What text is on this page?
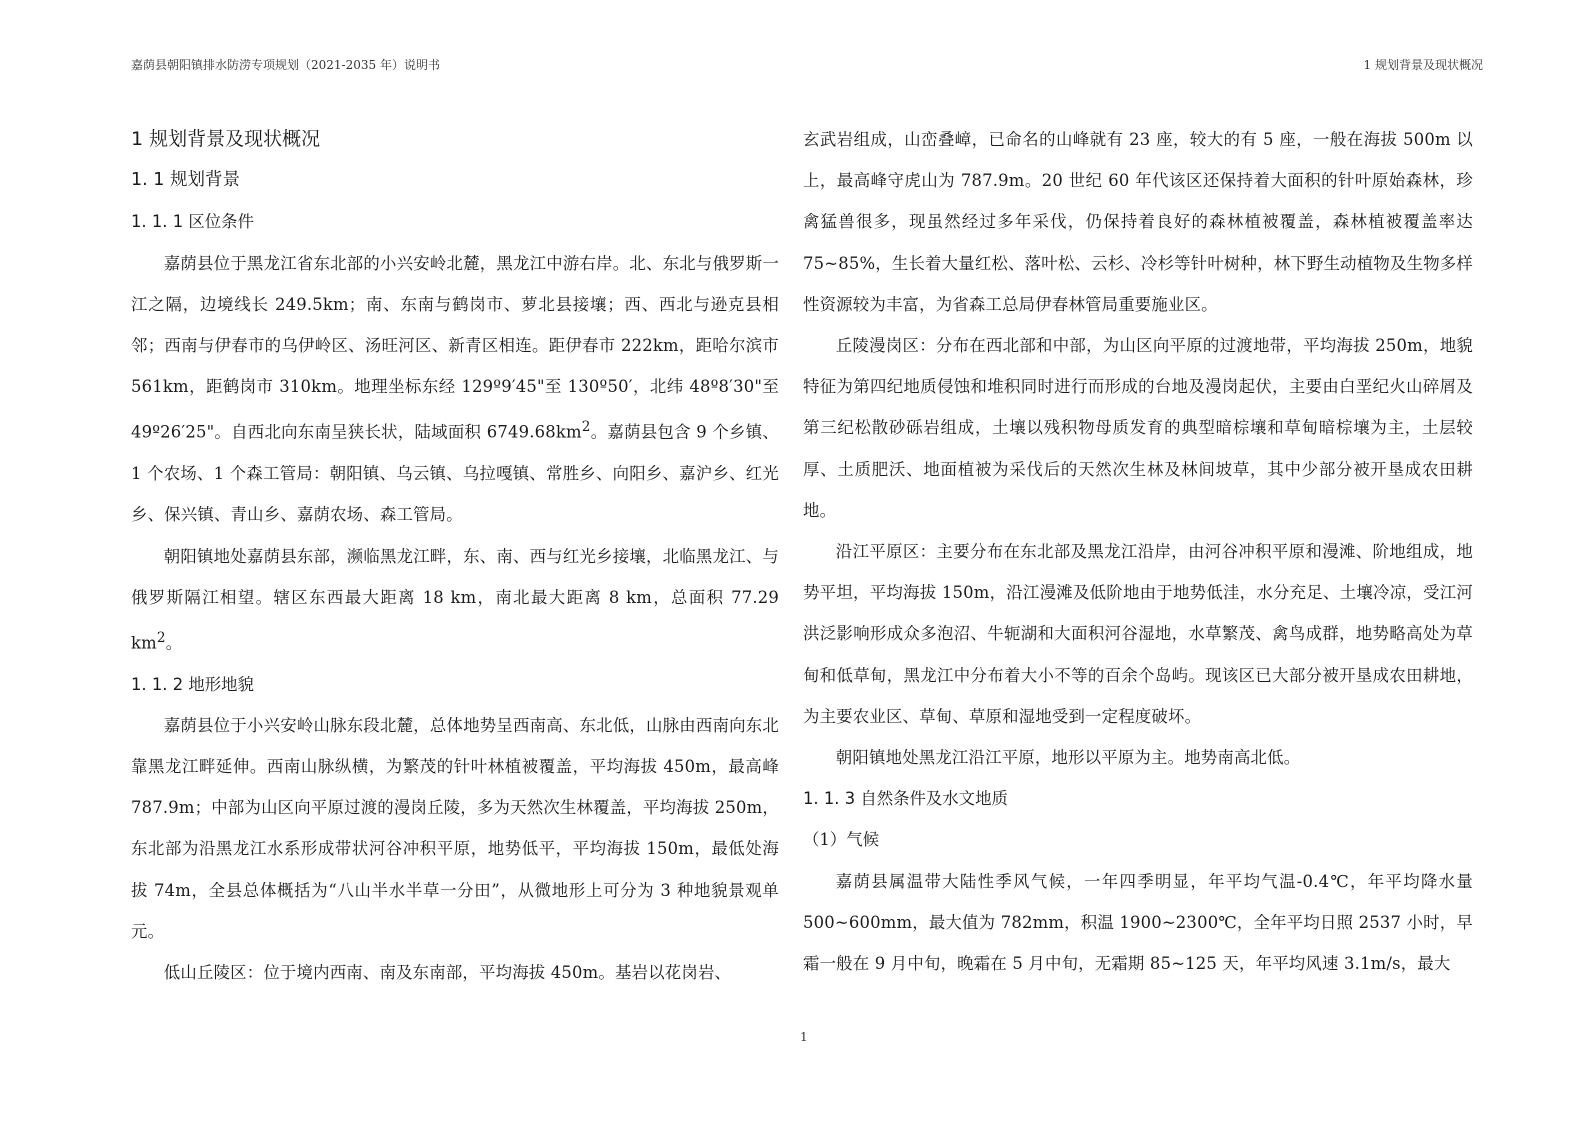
嘉荫县朝阳镇排水防涝专项规划（2021-2035 年）说明书	1 规划背景及现状概况
1 规划背景及现状概况
1. 1 规划背景
1. 1. 1 区位条件

嘉荫县位于黑龙江省东北部的小兴安岭北麓，黑龙江中游右岸。北、东北与俄罗斯一江之隔，边境线长 249.5km；南、东南与鹤岗市、萝北县接壤；西、西北与逊克县相邻；西南与伊春市的乌伊岭区、汤旺河区、新青区相连。距伊春市 222km，距哈尔滨市 561km，距鹤岗市 310km。地理坐标东经 129º9′45"至 130º50′，北纬 48º8′30"至 49º26′25"。自西北向东南呈狭长状，陆域面积 $6749.68km^2$。嘉荫县包含 9 个乡镇、1 个农场、1 个森工管局：朝阳镇、乌云镇、乌拉嘎镇、常胜乡、向阳乡、嘉沪乡、红光乡、保兴镇、青山乡、嘉荫农场、森工管局。

朝阳镇地处嘉荫县东部，濒临黑龙江畔，东、南、西与红光乡接壤，北临黑龙江、与俄罗斯隔江相望。辖区东西最大距离 18 km，南北最大距离 8 km，总面积 77.29 $km^2$。

1. 1. 2 地形地貌

嘉荫县位于小兴安岭山脉东段北麓，总体地势呈西南高、东北低，山脉由西南向东北靠黑龙江畔延伸。西南山脉纵横，为繁茂的针叶林植被覆盖，平均海拔 450m，最高峰 787.9m；中部为山区向平原过渡的漫岗丘陵，多为天然次生林覆盖，平均海拔 250m，东北部为沿黑龙江水系形成带状河谷冲积平原，地势低平，平均海拔 150m，最低处海拔 74m，全县总体概括为“八山半水半草一分田”，从微地形上可分为 3 种地貌景观单元。

低山丘陵区：位于境内西南、南及东南部，平均海拔 450m。基岩以花岗岩、

玄武岩组成，山峦叠嶂，已命名的山峰就有 23 座，较大的有 5 座，一般在海拔 500m 以上，最高峰守虎山为 787.9m。20 世纪 60 年代该区还保持着大面积的针叶原始森林，珍禽猛兽很多，现虽然经过多年采伐，仍保持着良好的森林植被覆盖，森林植被覆盖率达 75~85%，生长着大量红松、落叶松、云杉、冷杉等针叶树种，林下野生动植物及生物多样性资源较为丰富，为省森工总局伊春林管局重要施业区。

丘陵漫岗区：分布在西北部和中部，为山区向平原的过渡地带，平均海拔 250m，地貌特征为第四纪地质侵蚀和堆积同时进行而形成的台地及漫岗起伏，主要由白垩纪火山碎屑及第三纪松散砂砾岩组成，土壤以残积物母质发育的典型暗棕壤和草甸暗棕壤为主，土层较厚、土质肥沃、地面植被为采伐后的天然次生林及林间坡草，其中少部分被开垦成农田耕地。

沿江平原区：主要分布在东北部及黑龙江沿岸，由河谷冲积平原和漫滩、阶地组成，地势平坦，平均海拔 150m，沿江漫滩及低阶地由于地势低洼，水分充足、土壤冷凉，受江河洪泛影响形成众多泡沼、牛轭湖和大面积河谷湿地，水草繁茂、禽鸟成群，地势略高处为草甸和低草甸，黑龙江中分布着大小不等的百余个岛屿。现该区已大部分被开垦成农田耕地，为主要农业区、草甸、草原和湿地受到一定程度破坏。

朝阳镇地处黑龙江沿江平原，地形以平原为主。地势南高北低。

1. 1. 3 自然条件及水文地质
（1）气候

嘉荫县属温带大陆性季风气候，一年四季明显，年平均气温-0.4℃，年平均降水量 500~600mm，最大值为 782mm，积温 1900~2300℃，全年平均日照 2537 小时，早霜一般在 9 月中旬，晚霜在 5 月中旬，无霜期 85~125 天，年平均风速 3.1m/s，最大

1
